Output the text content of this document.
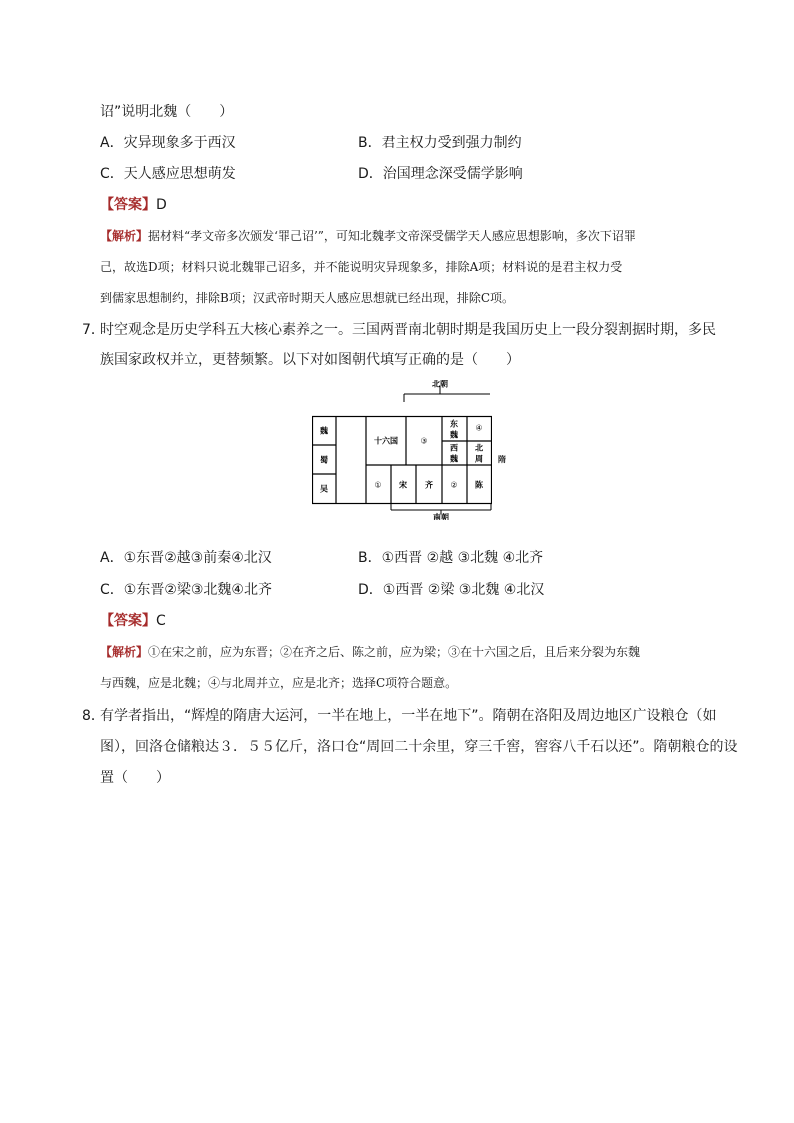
诏”说明北魏（　　）
A．灾异现象多于西汉	B．君主权力受到强力制约
C．天人感应思想萌发	D．治国理念深受儒学影响
【答案】D
【解析】据材料“孝文帝多次颁发‘罪己诏’”，可知北魏孝文帝深受儒学天人感应思想影响，多次下诏罪
己，故选D项；材料只说北魏罪己诏多，并不能说明灾异现象多，排除A项；材料说的是君主权力受
到儒家思想制约，排除B项；汉武帝时期天人感应思想就已经出现，排除C项。
7．
时空观念是历史学科五大核心素养之一。三国两晋南北朝时期是我国历史上一段分裂割据时期，多民
族国家政权并立，更替频繁。以下对如图朝代填写正确的是（　　）
北朝
南朝
魏
蜀
吴
十六国	③
东
魏
④
西
魏
北
周
① 宋 齐 ② 陈
隋
A．①东晋②越③前秦④北汉	B．①西晋 ②越 ③北魏 ④北齐
C．①东晋②梁③北魏④北齐	D．①西晋 ②梁 ③北魏 ④北汉
【答案】C
【解析】①在宋之前，应为东晋；②在齐之后、陈之前，应为梁；③在十六国之后，且后来分裂为东魏
与西魏，应是北魏；④与北周并立，应是北齐；选择C项符合题意。
8．
有学者指出，“辉煌的隋唐大运河，一半在地上，一半在地下”。隋朝在洛阳及周边地区广设粮仓（如
图），回洛仓储粮达３．５５亿斤，洛口仓“周回二十余里，穿三千窖，窖容八千石以还”。隋朝粮仓的设
置（　　）
